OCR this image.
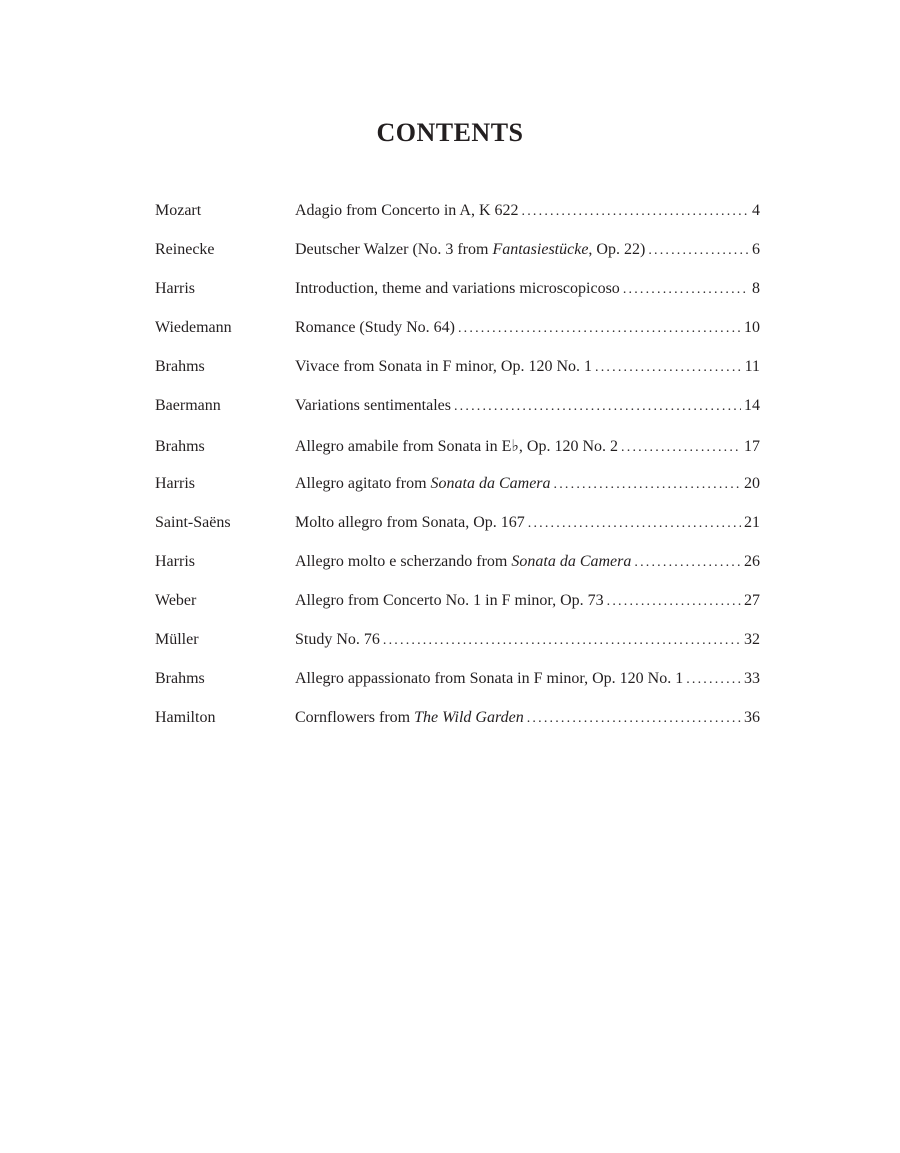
CONTENTS
Mozart	Adagio from Concerto in A, K 622 .....	4
Reinecke	Deutscher Walzer (No. 3 from Fantasiestücke, Op. 22) .....	6
Harris	Introduction, theme and variations microscopicoso .....	8
Wiedemann	Romance (Study No. 64) .....	10
Brahms	Vivace from Sonata in F minor, Op. 120 No. 1 .....	11
Baermann	Variations sentimentales .....	14
Brahms	Allegro amabile from Sonata in E♭, Op. 120 No. 2 .....	17
Harris	Allegro agitato from Sonata da Camera .....	20
Saint-Saëns	Molto allegro from Sonata, Op. 167 .....	21
Harris	Allegro molto e scherzando from Sonata da Camera .....	26
Weber	Allegro from Concerto No. 1 in F minor, Op. 73 .....	27
Müller	Study No. 76 .....	32
Brahms	Allegro appassionato from Sonata in F minor, Op. 120 No. 1 .....	33
Hamilton	Cornflowers from The Wild Garden .....	36
